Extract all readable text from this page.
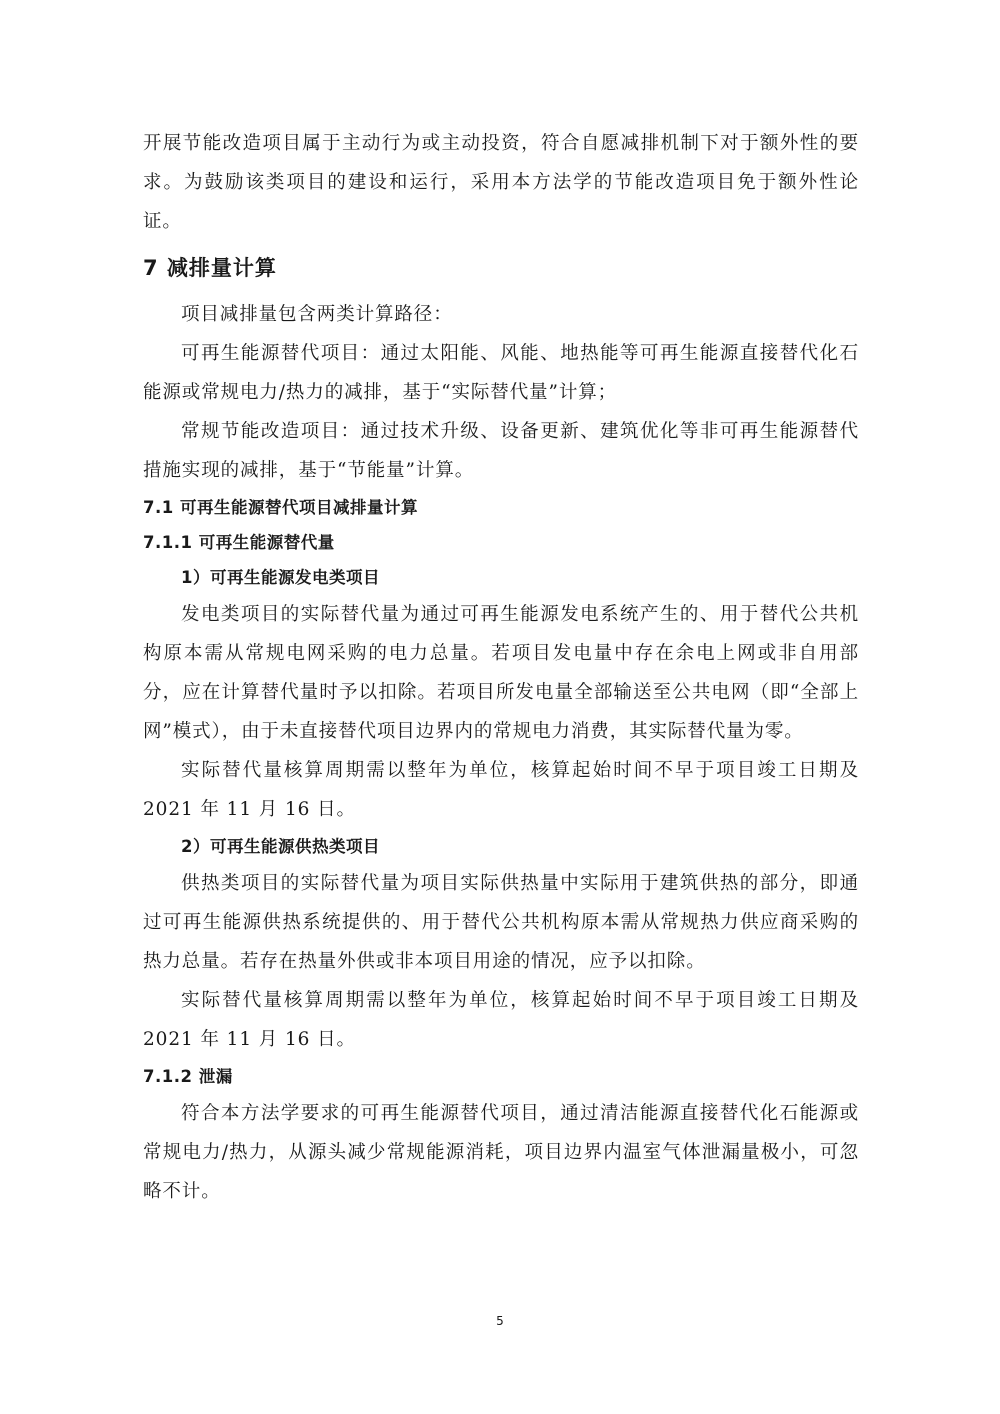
开展节能改造项目属于主动行为或主动投资，符合自愿减排机制下对于额外性的要求。为鼓励该类项目的建设和运行，采用本方法学的节能改造项目免于额外性论证。

7 减排量计算

项目减排量包含两类计算路径：

可再生能源替代项目：通过太阳能、风能、地热能等可再生能源直接替代化石能源或常规电力/热力的减排，基于“实际替代量”计算；

常规节能改造项目：通过技术升级、设备更新、建筑优化等非可再生能源替代措施实现的减排，基于“节能量”计算。

7.1 可再生能源替代项目减排量计算
7.1.1 可再生能源替代量
1）可再生能源发电类项目

发电类项目的实际替代量为通过可再生能源发电系统产生的、用于替代公共机构原本需从常规电网采购的电力总量。若项目发电量中存在余电上网或非自用部分，应在计算替代量时予以扣除。若项目所发电量全部输送至公共电网（即“全部上网”模式），由于未直接替代项目边界内的常规电力消费，其实际替代量为零。

实际替代量核算周期需以整年为单位，核算起始时间不早于项目竣工日期及2021 年 11 月 16 日。

2）可再生能源供热类项目

供热类项目的实际替代量为项目实际供热量中实际用于建筑供热的部分，即通过可再生能源供热系统提供的、用于替代公共机构原本需从常规热力供应商采购的热力总量。若存在热量外供或非本项目用途的情况，应予以扣除。

实际替代量核算周期需以整年为单位，核算起始时间不早于项目竣工日期及2021 年 11 月 16 日。

7.1.2 泄漏

符合本方法学要求的可再生能源替代项目，通过清洁能源直接替代化石能源或常规电力/热力，从源头减少常规能源消耗，项目边界内温室气体泄漏量极小，可忽略不计。

5
